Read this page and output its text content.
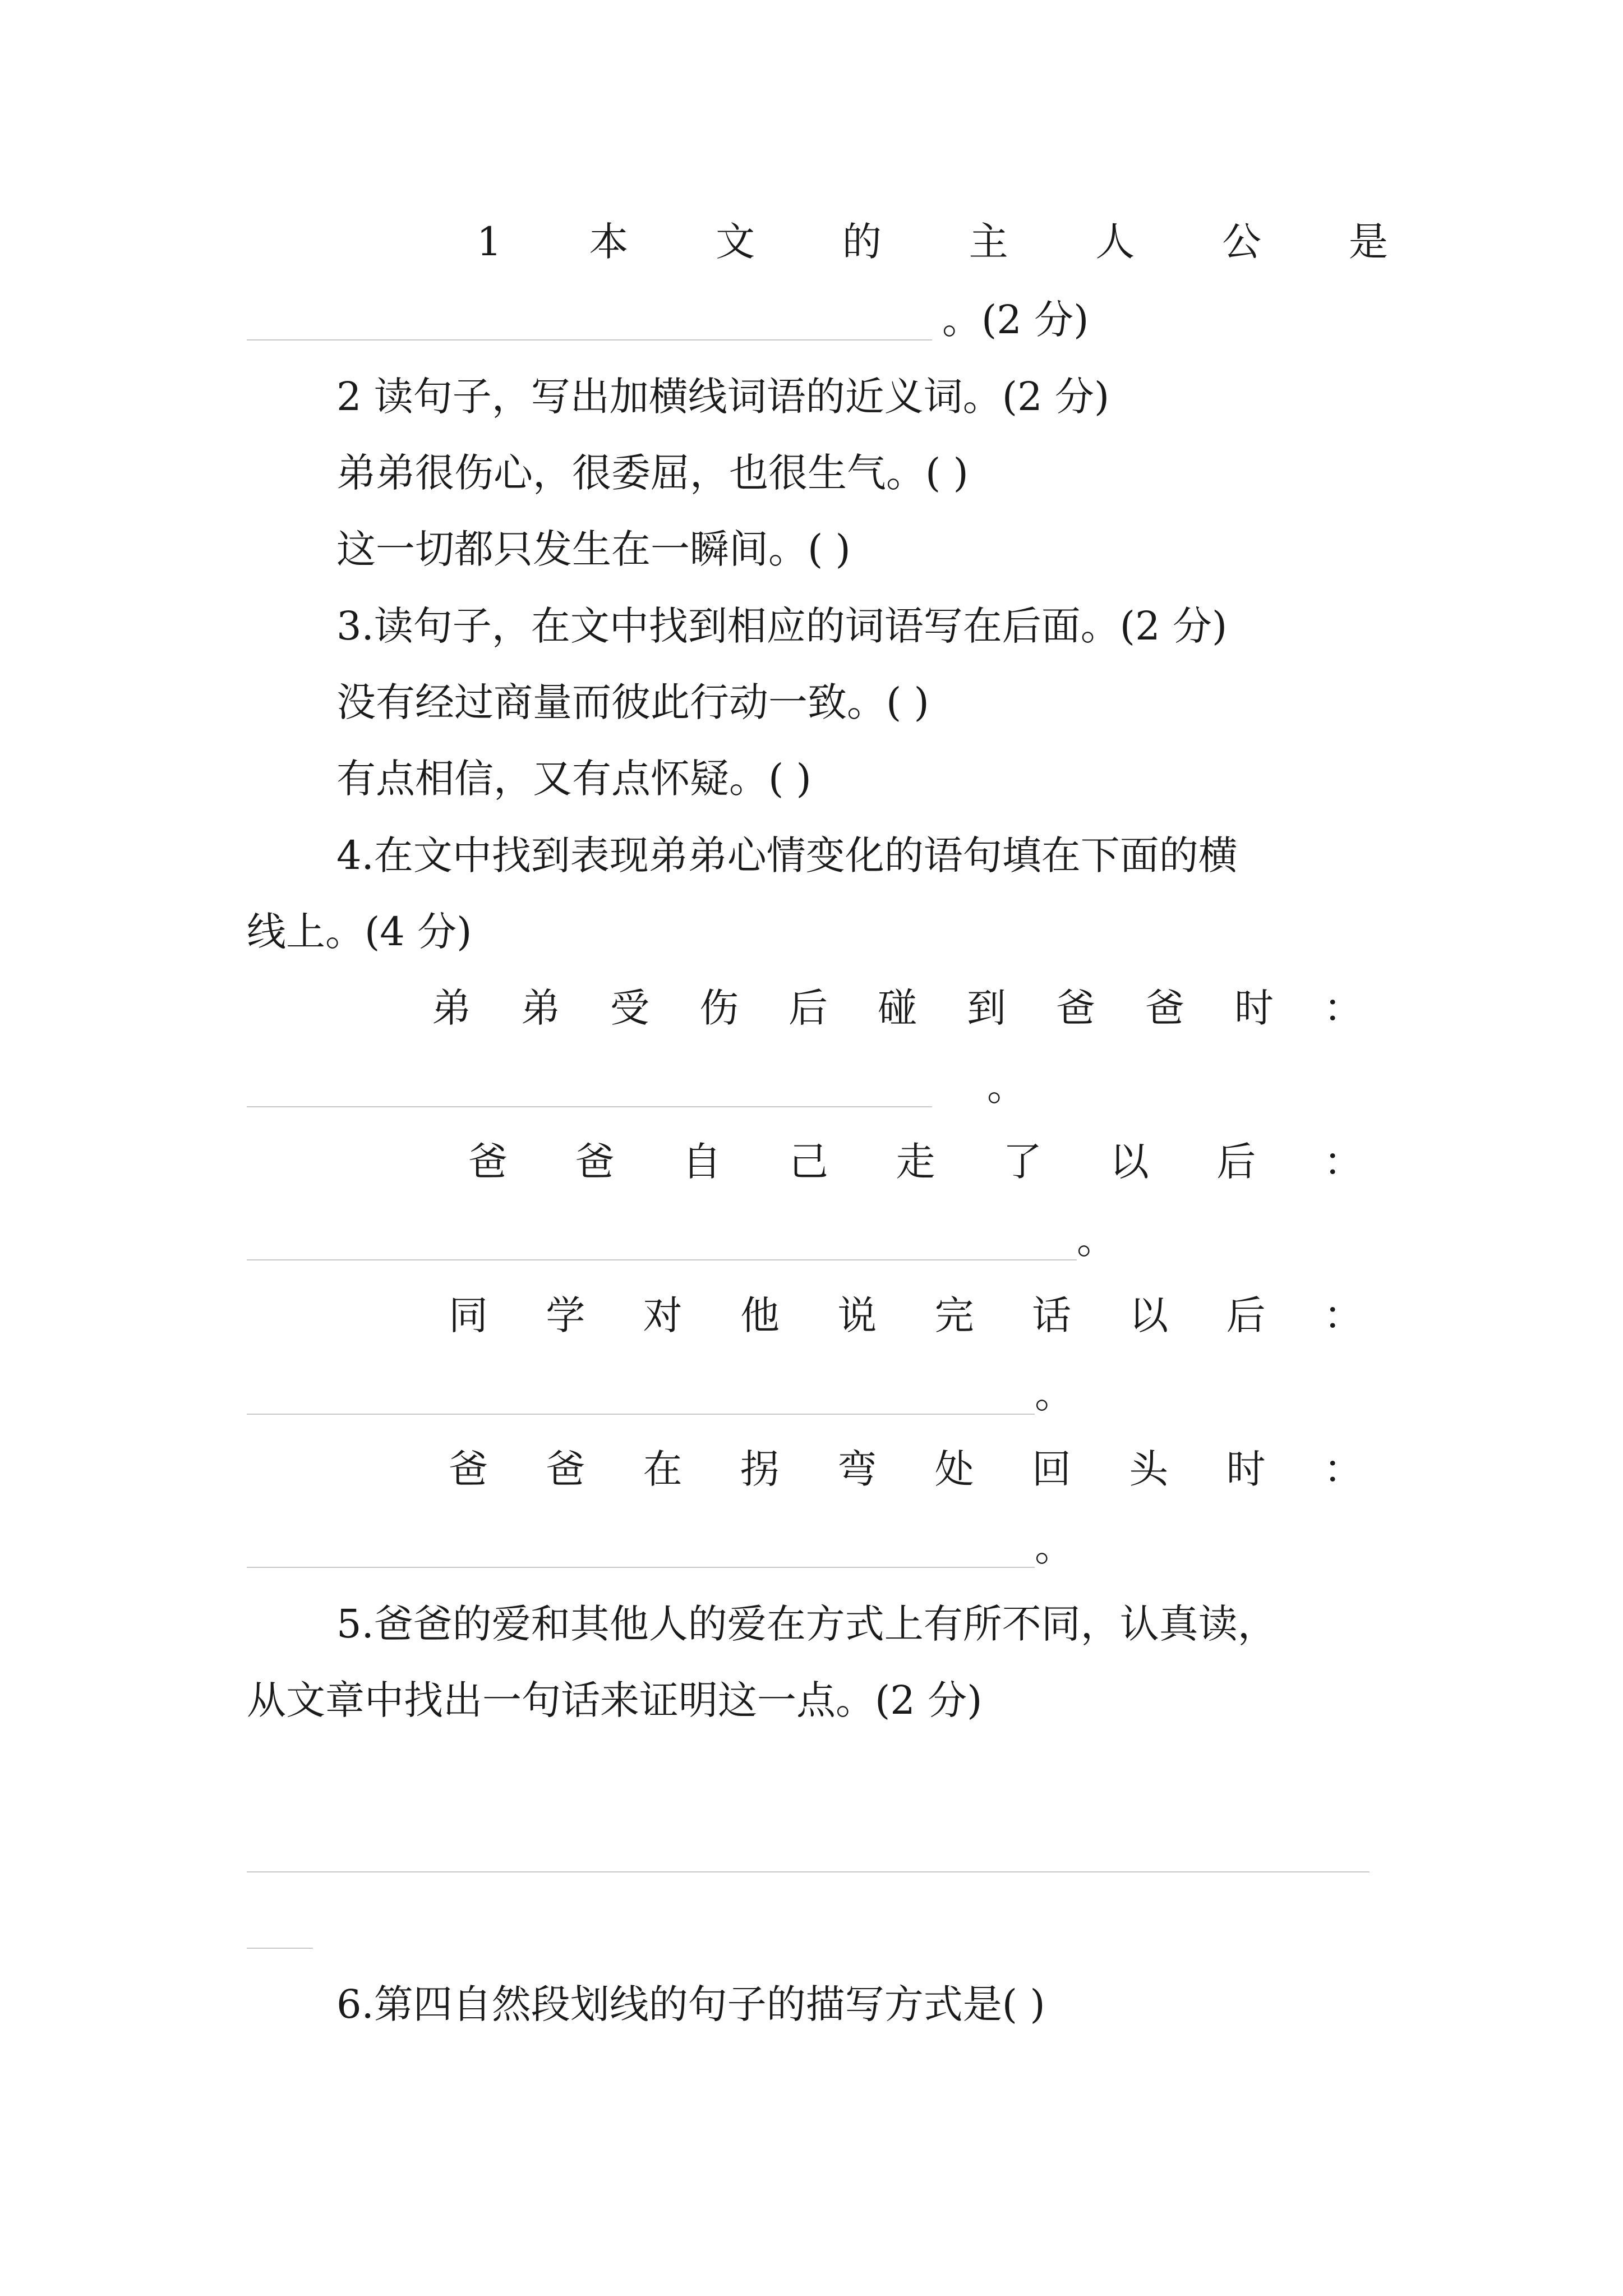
1 本 文 的 主 人 公 是
。(2 分)

2 读句子，写出加横线词语的近义词。(2 分)

弟弟很伤心，很委屈，也很生气。( )

这一切都只发生在一瞬间。( )

3.读句子，在文中找到相应的词语写在后面。(2 分)

没有经过商量而彼此行动一致。( )

有点相信，又有点怀疑。( )

4.在文中找到表现弟弟心情变化的语句填在下面的横

线上。(4 分)

弟 弟 受 伤 后 碰 到 爸 爸 时 ：
。
爸 爸 自 己 走 了 以 后 ：
。
同 学 对 他 说 完 话 以 后 ：
。
爸 爸 在 拐 弯 处 回 头 时 ：
。

5.爸爸的爱和其他人的爱在方式上有所不同，认真读，

从文章中找出一句话来证明这一点。(2 分)

6.第四自然段划线的句子的描写方式是( )
